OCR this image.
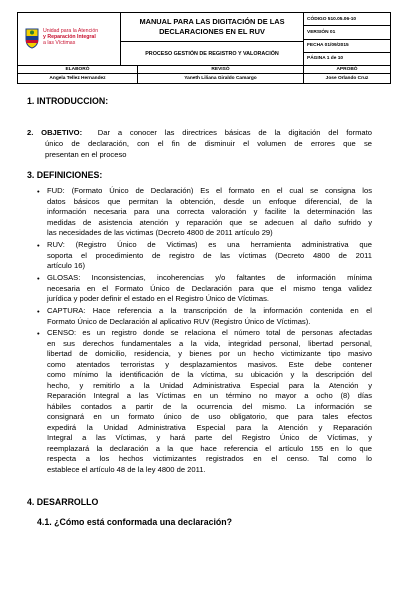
Unidad para la Atención
y Reparación Integral
a las Víctimas
MANUAL PARA LAS DIGITACIÓN DE LAS DECLARACIONES EN EL RUV
PROCESO GESTIÓN DE REGISTRO Y VALORACIÓN
CÓDIGO 510.05.06-10
VERSIÓN 01
FECHA 01/09/2015
PÁGINA 1 de 10
ELABORÓ	REVISÓ	APROBÓ
Angela Tellez Hernandez	Yaneth Liliana Giraldo Camargo	Jose Orlando Cruz
1. INTRODUCCION:
2. OBJETIVO: Dar a conocer las directrices básicas de la digitación del formato
único de declaración, con el fin de disminuir el volumen de errores que se
presentan en el proceso
3. DEFINICIONES:
• FUD: (Formato Único de Declaración) Es el formato en el cual se consigna los
datos básicos que permitan la obtención, desde un enfoque diferencial, de la
información necesaria para una correcta valoración y facilite la determinación las
medidas de asistencia atención y reparación que se adecuen al daño sufrido y
las necesidades de las victimas (Decreto 4800 de 2011 artículo 29)
• RUV: (Registro Único de Victimas) es una herramienta administrativa que
soporta el procedimiento de registro de las víctimas (Decreto 4800 de 2011
artículo 16)
• GLOSAS: Inconsistencias, incoherencias y/o faltantes de información mínima
necesaria en el Formato Único de Declaración para que el mismo tenga validez
jurídica y poder definir el estado en el Registro Único de Víctimas.
• CAPTURA: Hace referencia a la transcripción de la información contenida en el
Formato Único de Declaración al aplicativo RUV (Registro Único de Víctimas).
• CENSO: es un registro donde se relaciona el número total de personas afectadas
en sus derechos fundamentales a la vida, integridad personal, libertad personal,
libertad de domicilio, residencia, y bienes por un hecho victimizante tipo masivo
como atentados terroristas y desplazamientos masivos. Este debe contener
como mínimo la identificación de la víctima, su ubicación y la descripción del
hecho, y remitirlo a la Unidad Administrativa Especial para la Atención y
Reparación Integral a las Víctimas en un término no mayor a ocho (8) días
hábiles contados a partir de la ocurrencia del mismo. La información se
consignará en un formato único de uso obligatorio, que para tales efectos
expedirá la Unidad Administrativa Especial para la Atención y Reparación
Integral a las Víctimas, y hará parte del Registro Único de Víctimas, y
reemplazará la declaración a la que hace referencia el artículo 155 en lo que
respecta a los hechos victimizantes registrados en el censo. Tal como lo
establece el artículo 48 de la ley 4800 de 2011.
4. DESARROLLO
4.1. ¿Cómo está conformada una declaración?
